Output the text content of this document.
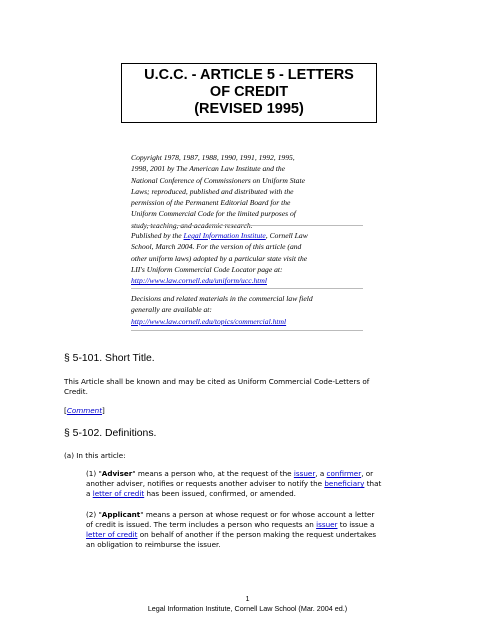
U.C.C. - ARTICLE 5 - LETTERS
OF CREDIT
(REVISED 1995)

Copyright 1978, 1987, 1988, 1990, 1991, 1992, 1995,

1998, 2001 by The American Law Institute and the

National Conference of Commissioners on Uniform State

Laws; reproduced, published and distributed with the

permission of the Permanent Editorial Board for the

Uniform Commercial Code for the limited purposes of

study, teaching, and academic research.

Published by the Legal Information Institute, Cornell Law

School, March 2004. For the version of this article (and

other uniform laws) adopted by a particular state visit the

LII's Uniform Commercial Code Locator page at:

http://www.law.cornell.edu/uniform/ucc.html

Decisions and related materials in the commercial law field

generally are available at:

http://www.law.cornell.edu/topics/commercial.html

§ 5-101. Short Title.

This Article shall be known and may be cited as Uniform Commercial Code-Letters of

Credit.

[Comment]
§ 5-102. Definitions.
(a) In this article:

(1) "Adviser" means a person who, at the request of the issuer, a confirmer, or

another adviser, notifies or requests another adviser to notify the beneficiary that

a letter of credit has been issued, confirmed, or amended.

(2) "Applicant" means a person at whose request or for whose account a letter

of credit is issued. The term includes a person who requests an issuer to issue a

letter of credit on behalf of another if the person making the request undertakes

an obligation to reimburse the issuer.

1
Legal Information Institute, Cornell Law School (Mar. 2004 ed.)
